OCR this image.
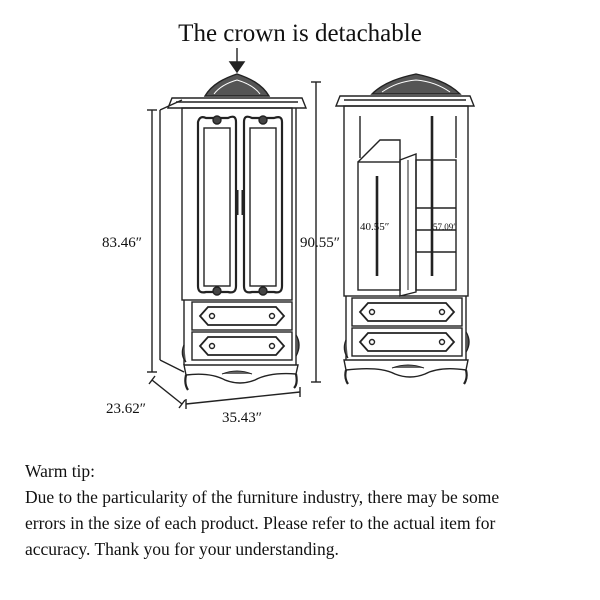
The crown is detachable
83.46″	90.55″
23.62″
35.43″
40.55″	57.09″
Warm tip:
Due to the particularity of the furniture industry, there may be some
errors in the size of each product. Please refer to the actual item for
accuracy. Thank you for your understanding.
